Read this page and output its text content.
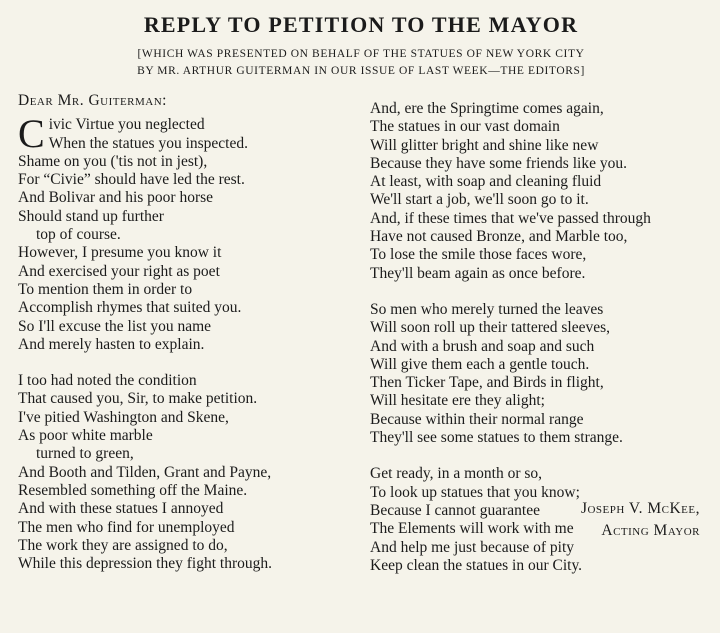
REPLY TO PETITION TO THE MAYOR
[WHICH WAS PRESENTED ON BEHALF OF THE STATUES OF NEW YORK CITY
BY MR. ARTHUR GUITERMAN IN OUR ISSUE OF LAST WEEK—THE EDITORS]
Dear Mr. Guiterman:
Civic Virtue you neglected
When the statues you inspected.
Shame on you ('tis not in jest),
For “Civie” should have led the rest.
And Bolivar and his poor horse
Should stand up further
top of course.
However, I presume you know it
And exercised your right as poet
To mention them in order to
Accomplish rhymes that suited you.
So I'll excuse the list you name
And merely hasten to explain.
I too had noted the condition
That caused you, Sir, to make petition.
I've pitied Washington and Skene,
As poor white marble
turned to green,
And Booth and Tilden, Grant and Payne,
Resembled something off the Maine.
And with these statues I annoyed
The men who find for unemployed
The work they are assigned to do,
While this depression they fight through.
And, ere the Springtime comes again,
The statues in our vast domain
Will glitter bright and shine like new
Because they have some friends like you.
At least, with soap and cleaning fluid
We'll start a job, we'll soon go to it.
And, if these times that we've passed through
Have not caused Bronze, and Marble too,
To lose the smile those faces wore,
They'll beam again as once before.
So men who merely turned the leaves
Will soon roll up their tattered sleeves,
And with a brush and soap and such
Will give them each a gentle touch.
Then Ticker Tape, and Birds in flight,
Will hesitate ere they alight;
Because within their normal range
They'll see some statues to them strange.
Get ready, in a month or so,
To look up statues that you know;
Because I cannot guarantee
The Elements will work with me
And help me just because of pity
Keep clean the statues in our City.
Joseph V. McKee,
Acting Mayor
